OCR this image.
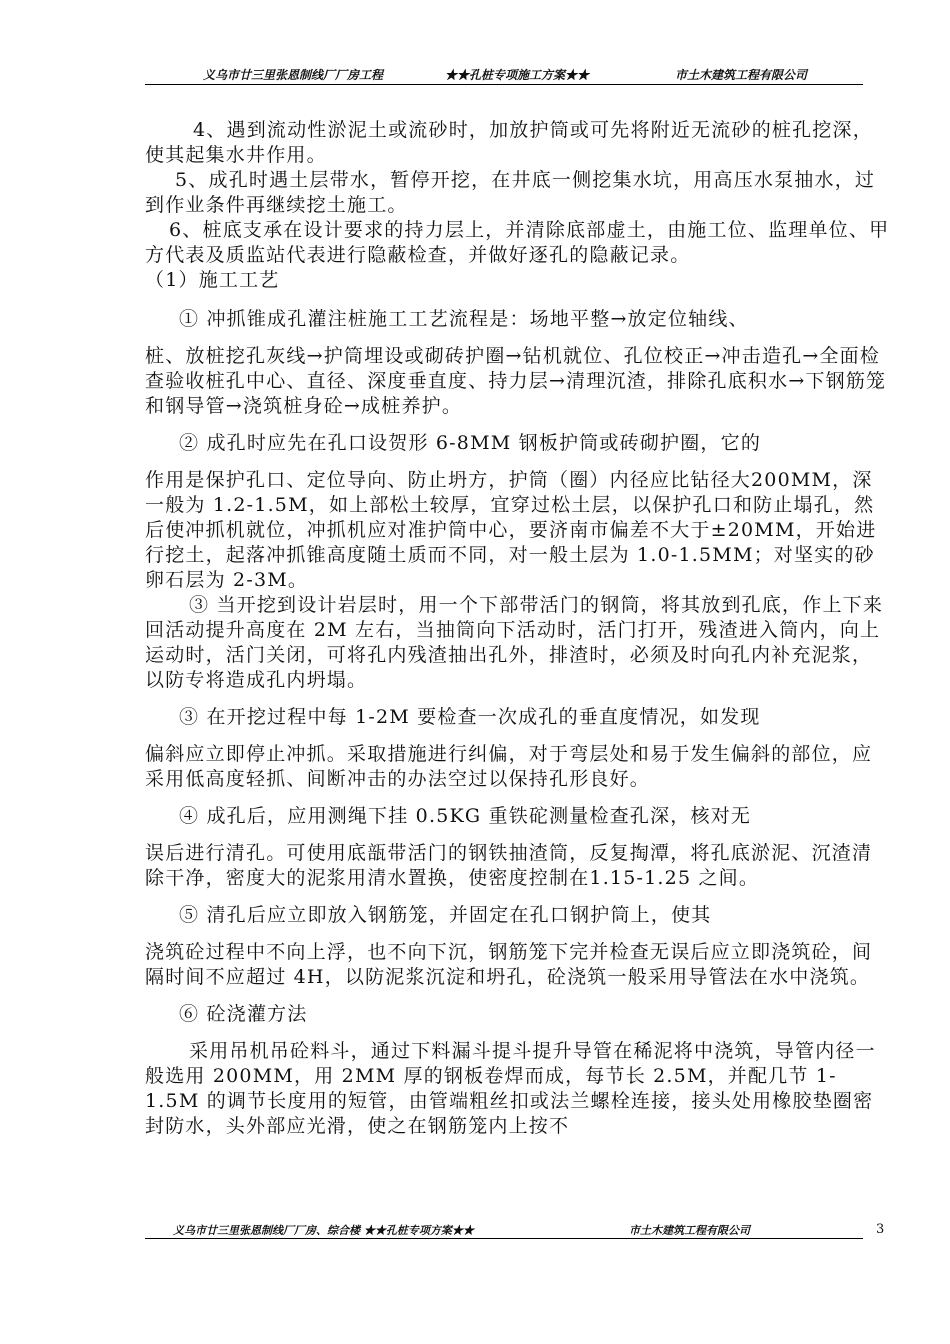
义乌市廿三里张恩制线厂厂房工程	★★孔桩专项施工方案★★	市土木建筑工程有限公司

4、遇到流动性淤泥土或流砂时，加放护筒或可先将附近无流砂的桩孔挖深，使其起集水井作用。

5、成孔时遇土层带水，暂停开挖，在井底一侧挖集水坑，用高压水泵抽水，过到作业条件再继续挖土施工。

6、桩底支承在设计要求的持力层上，并清除底部虚土，由施工位、监理单位、甲方代表及质监站代表进行隐蔽检查，并做好逐孔的隐蔽记录。

（1）施工工艺

① 冲抓锥成孔灌注桩施工工艺流程是：场地平整→放定位轴线、

桩、放桩挖孔灰线→护筒埋设或砌砖护圈→钻机就位、孔位校正→冲击造孔→全面检查验收桩孔中心、直径、深度垂直度、持力层→清理沉渣，排除孔底积水→下钢筋笼和钢导管→浇筑桩身砼→成桩养护。

② 成孔时应先在孔口设贺形 6-8MM 钢板护筒或砖砌护圈，它的

作用是保护孔口、定位导向、防止坍方，护筒（圈）内径应比钻径大200MM，深一般为 1.2-1.5M，如上部松土较厚，宜穿过松土层，以保护孔口和防止塌孔，然后使冲抓机就位，冲抓机应对准护筒中心，要济南市偏差不大于±20MM，开始进行挖土，起落冲抓锥高度随土质而不同，对一般土层为 1.0-1.5MM；对坚实的砂卵石层为 2-3M。

③ 当开挖到设计岩层时，用一个下部带活门的钢筒，将其放到孔底，作上下来回活动提升高度在 2M 左右，当抽筒向下活动时，活门打开，残渣进入筒内，向上运动时，活门关闭，可将孔内残渣抽出孔外，排渣时，必须及时向孔内补充泥浆，以防专将造成孔内坍塌。

③ 在开挖过程中每 1-2M 要检查一次成孔的垂直度情况，如发现

偏斜应立即停止冲抓。采取措施进行纠偏，对于弯层处和易于发生偏斜的部位，应采用低高度轻抓、间断冲击的办法空过以保持孔形良好。

④ 成孔后，应用测绳下挂 0.5KG 重铁砣测量检查孔深，核对无

误后进行清孔。可使用底瓿带活门的钢铁抽渣筒，反复掏潭，将孔底淤泥、沉渣清除干净，密度大的泥浆用清水置换，使密度控制在1.15-1.25 之间。

⑤ 清孔后应立即放入钢筋笼，并固定在孔口钢护筒上，使其

浇筑砼过程中不向上浮，也不向下沉，钢筋笼下完并检查无误后应立即浇筑砼，间隔时间不应超过 4H，以防泥浆沉淀和坍孔，砼浇筑一般采用导管法在水中浇筑。

⑥ 砼浇灌方法

采用吊机吊砼料斗，通过下料漏斗提斗提升导管在稀泥将中浇筑，导管内径一般选用 200MM，用 2MM 厚的钢板卷焊而成，每节长 2.5M，并配几节 1-1.5M 的调节长度用的短管，由管端粗丝扣或法兰螺栓连接，接头处用橡胶垫圈密封防水，头外部应光滑，使之在钢筋笼内上按不

义乌市廿三里张恩制线厂厂房、综合楼 ★★孔桩专项方案★★	市土木建筑工程有限公司	3
